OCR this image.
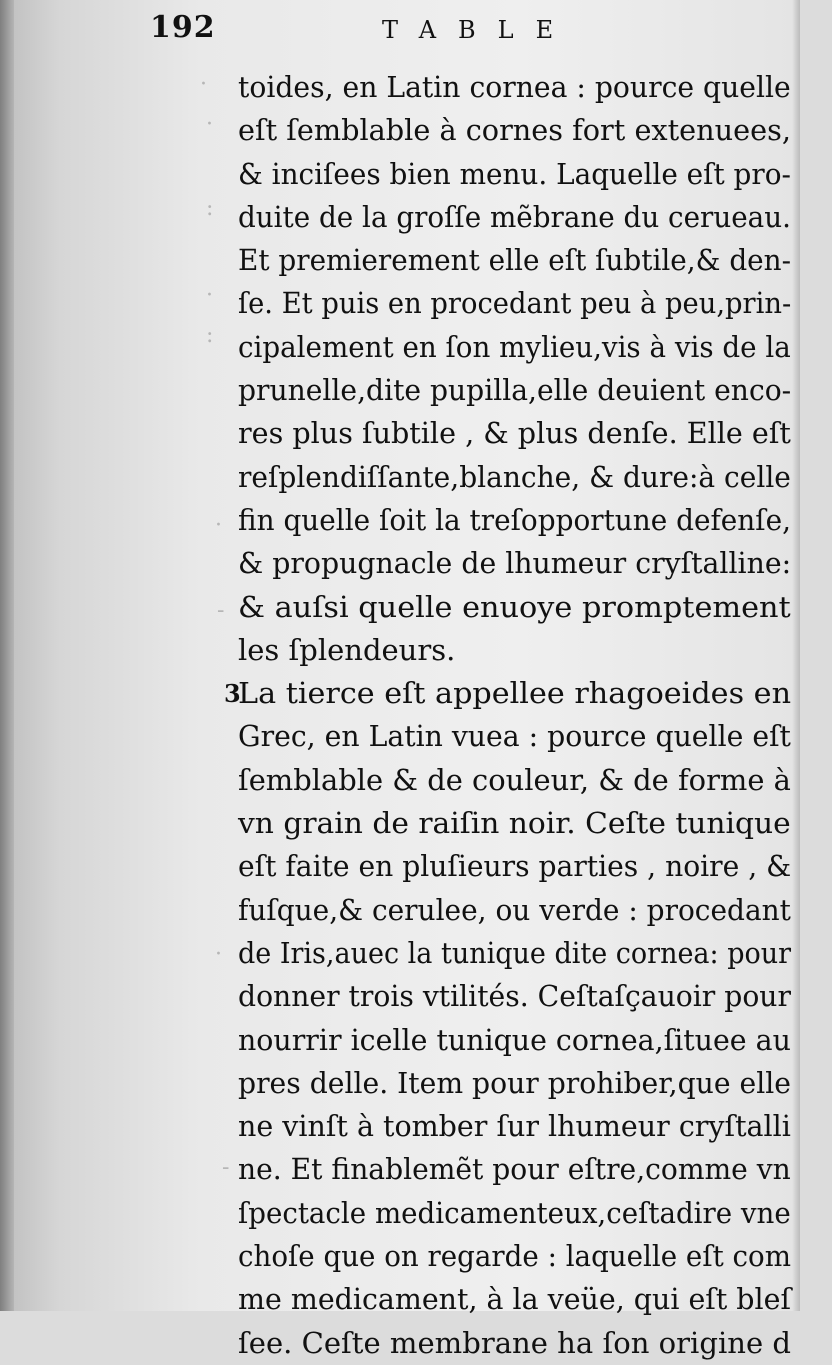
·
·
:
·
:
·
-
·
-

192	TABLE
toides, en Latin cornea : pource quelle
eſt ſemblable à cornes fort extenuees,
& inciſees bien menu. Laquelle eſt pro-
duite de la groſſe mẽbrane du cerueau.
Et premierement elle eſt ſubtile,& den-
ſe. Et puis en procedant peu à peu,prin-
cipalement en ſon mylieu,vis à vis de la
prunelle,dite pupilla,elle deuient enco-
res plus ſubtile , & plus denſe. Elle eſt
reſplendiſſante,blanche, & dure:à celle
fin quelle ſoit la treſopportune defenſe,
& propugnacle de lhumeur cryſtalline:
& auſsi quelle enuoye promptement
les ſplendeurs.
3
La tierce eſt appellee rhagoeides en
Grec, en Latin vuea : pource quelle eſt
ſemblable & de couleur, & de forme à
vn grain de raiſin noir. Ceſte tunique
eſt faite en pluſieurs parties , noire , &
fuſque,& cerulee, ou verde : procedant
de Iris,auec la tunique dite cornea: pour
donner trois vtilités. Ceſtaſçauoir pour
nourrir icelle tunique cornea,ſituee au
pres delle. Item pour prohiber,que elle
ne vinſt à tomber ſur lhumeur cryſtalli
ne. Et finablemẽt pour eſtre,comme vn
ſpectacle medicamenteux,ceſtadire vne
choſe que on regarde : laquelle eſt com
me medicament, à la veüe, qui eſt bleſ
ſee. Ceſte membrane ha ſon origine d
